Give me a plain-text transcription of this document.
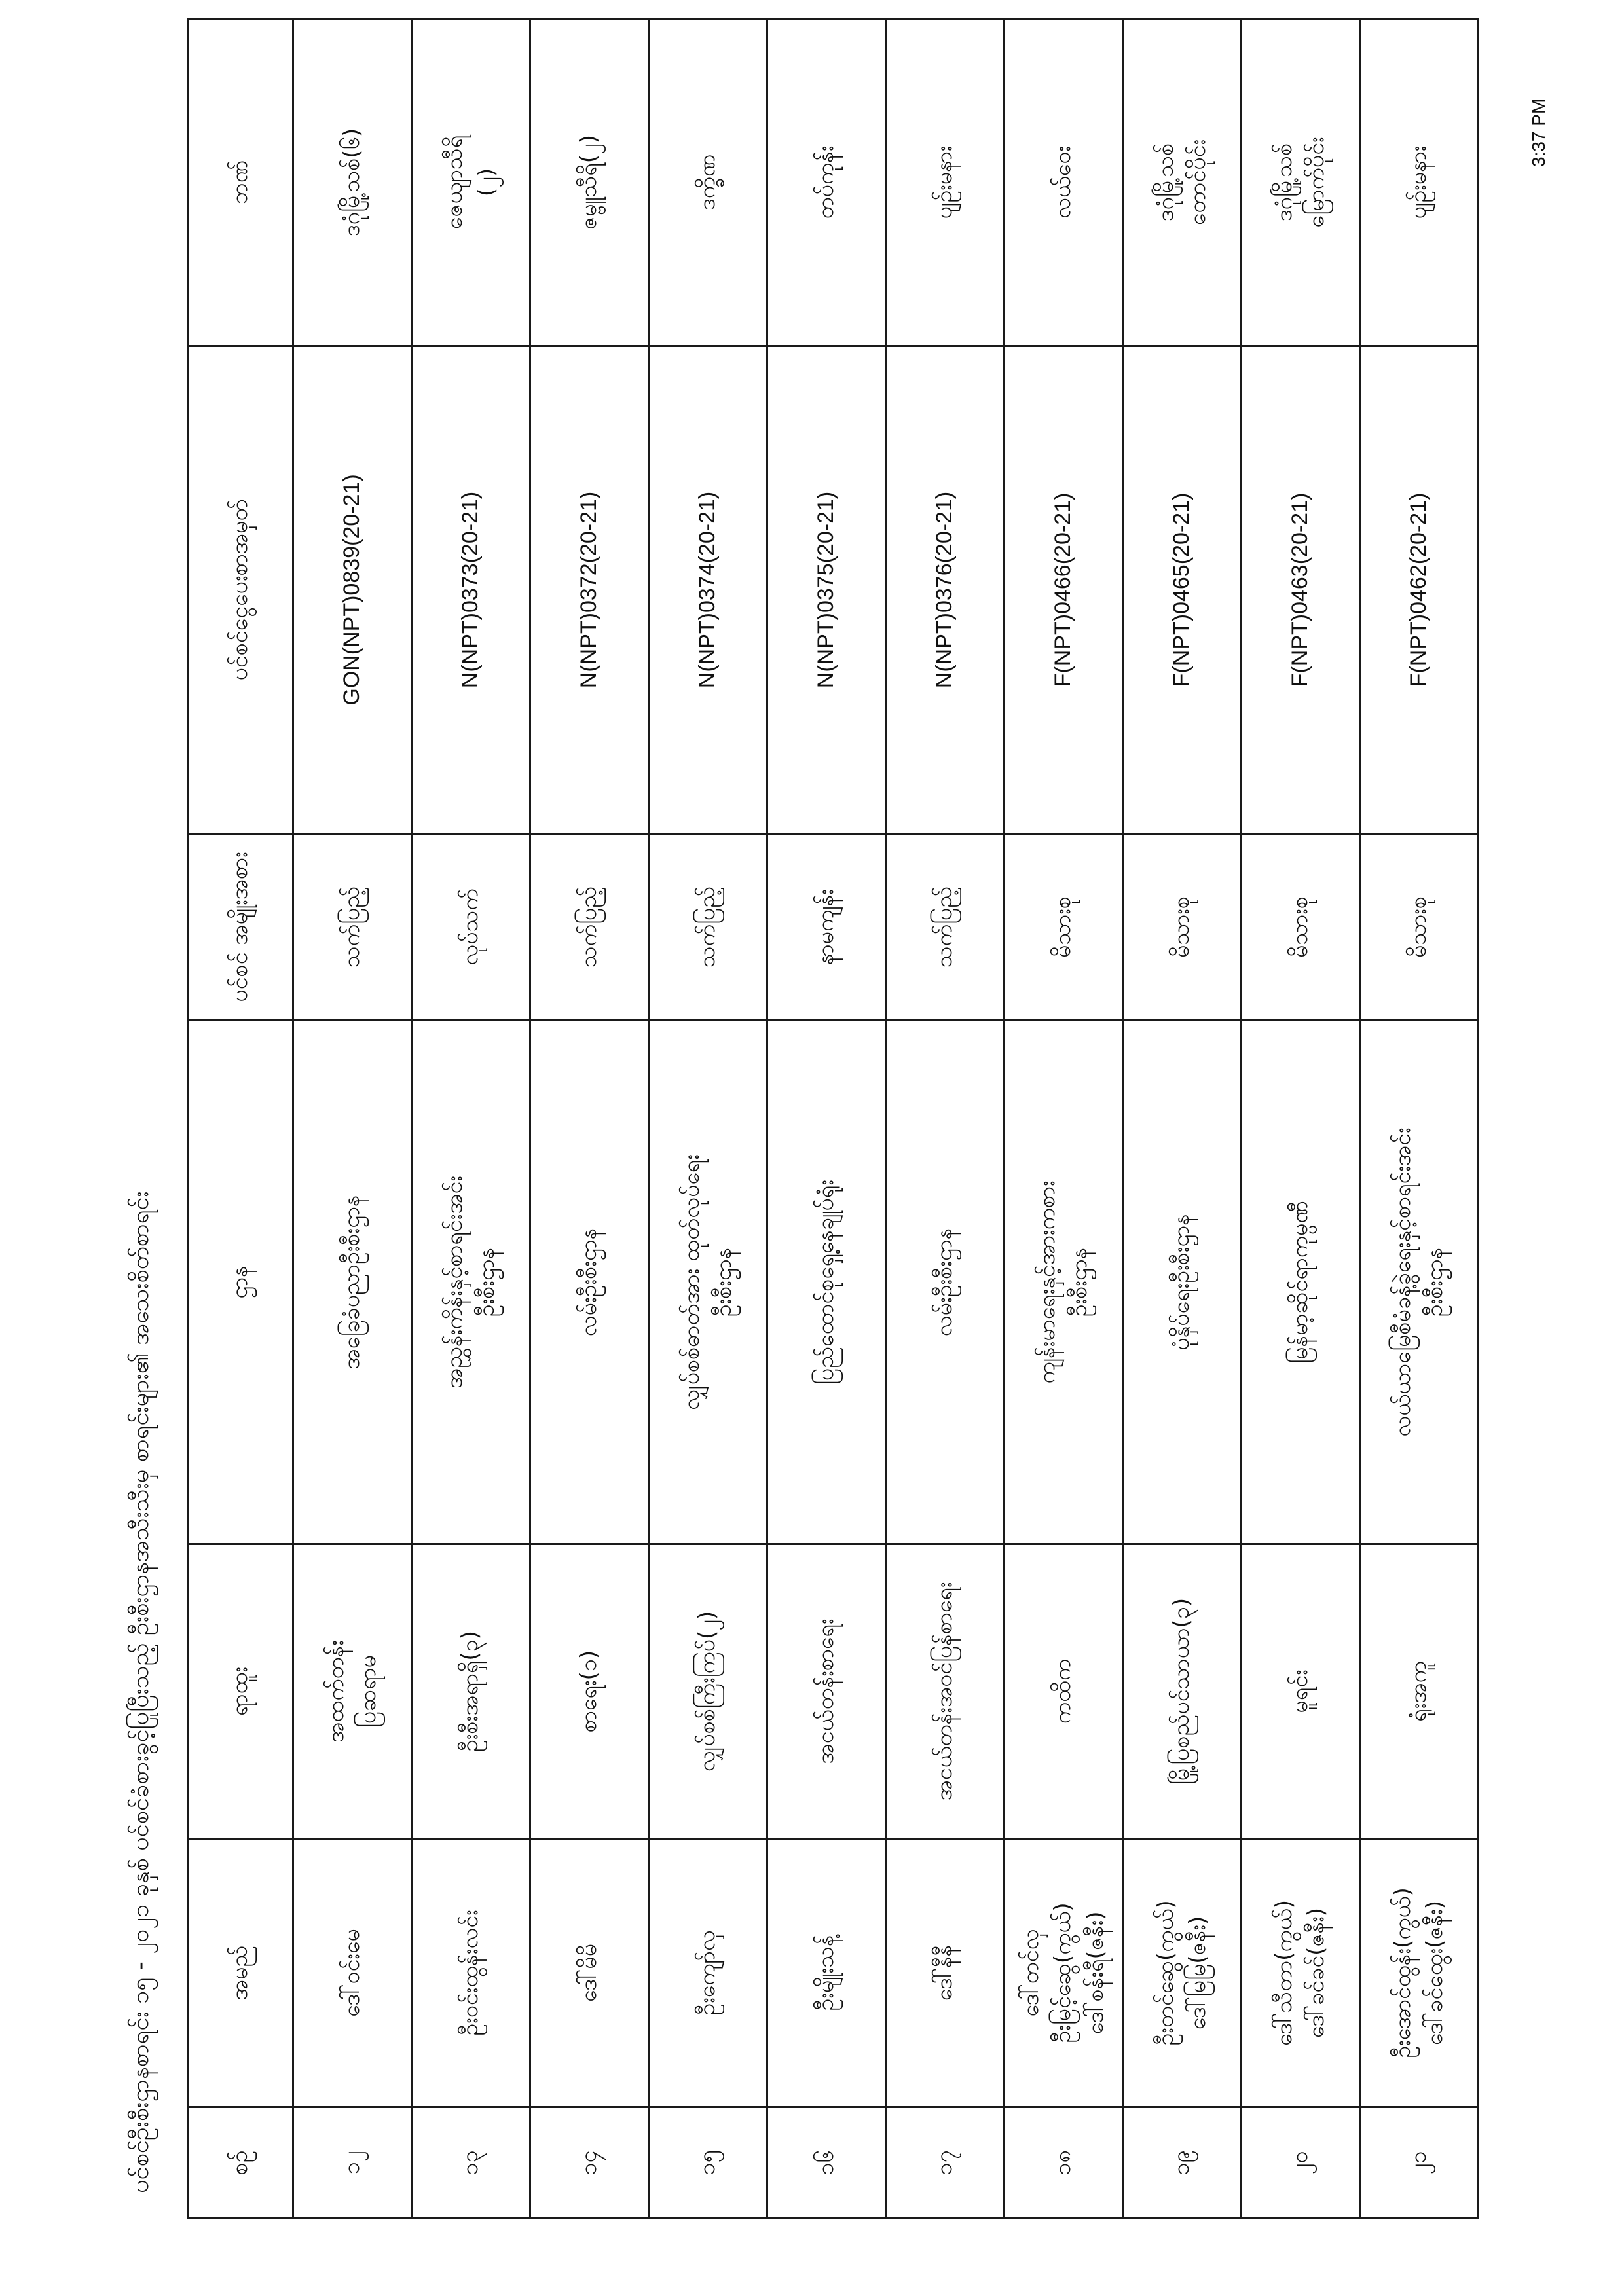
ပင်စင်ဦးစီးဌာနစာရင်း ၁၅ - ၂၀၂၁ ခုနှစ် ပင်စင်ခံစားခွင့်ပြုပြီးသည့် ဦးစီးဌာနအသီးသီးမှ စာရင်းများ၏ အသေးစိတ်စာရင်း	စဉ်	အမည်	ရာထူး	ဌာန	ပင်စင် အမျိုးအစား	ပင်စင်ငွေပေးစာအမှတ်	ဘဏ်
၁၂	ဒေါ်ဝင်းမေ	အထက်တန်း ပြဆရာမ	အခြေခံပညာဦးစီးဌာန	သက်ပြည့်	GON(NPT)0839(20-21)	ဒဂုံမြို့သစ်(၆)

၁၃	ဦးဝင်းထွန်းလင်း	ဦးစီးအရာရှိ(၃)	အညွှန်းကိန်းနှင့်စာရင်းအင်း ဦးစီးဌာန	လုပ်သက်	N(NPT)0373(20-21)	ဇေယျာသီရိ (၂)

၁၄	ဒေါ်မိမိ	စာရေး(၁)	လမ်းဦးစီးဌာန	သက်ပြည့်	N(NPT)0372(20-21)	ဇမ္ဗူသီရိ(၂)

၁၅	ဦးကျော်လှ	လျှပ်စစ်ကြီးကြပ်(၂)	လျှပ်စစ်ဓာတ်အား ထုတ်လုပ်ရေး ဦးစီးဌာန	သက်ပြည့်	N(NPT)0374(20-21)	ဒက္ခိဏ

၁၆	ဦးမျိုးသန့်	အငယ်တန်းစာရေး	ပြည်ထောင်စုရှေ့နေချုပ်ရုံး	နာမကျန်း	N(NPT)0375(20-21)	တပ်ကုန်း

၁၇	ဒေါ်နီနီ	အငယ်တန်းအဝင်ပြန်စာရေး	လမ်းဦးစီးဌာန	သက်ပြည့်	N(NPT)0376(20-21)	ပျဉ်းမနား

၁၈	ဒေါ်တင်လှ ဦးမြင့်ဆွေ(ကွယ်) ဒေါ်စန်းရီ(ဇနီး)	ကထိက	ကျန်းမာရေးနှင့်အားကစား ဦးစီးဌာန	မိသားစု	F(NPT)0466(20-21)	လယ်ဝေး

၁၉	ဦးတင်ဆွေ(ကွယ်) ဒေါ်မြမြ(ဇနီး)	မြို့ပြစည်ပင်သာယာ(၃)	ပုံနှိပ်ရေးဦးစီးဌာန	မိသားစု	F(NPT)0465(20-21)	ဒဂုံမြို့သစ် တောင်ပိုင်း

၂၀	ဒေါ်သီတာ(ကွယ်) ဒေါ်ခင်ခင်(ဇနီး)	မူရင်း	မြန်မာ့ဆိုင်ရာကုမ္ပဏီ	မိသားစု	F(NPT)0463(20-21)	ဒဂုံမြို့သစ် မြောက်ပိုင်း

၂၁	ဦးအောင်ထွန်း(ကွယ်) ဒေါ်ခင်ထွေး(ဇနီး)	ရုံးအကူ	လယ်ယာမြေစီမံခန့်ခွဲရေးနှင့်စာရင်းအင်း ဦးစီးဌာန	မိသားစု	F(NPT)0462(20-21)	ပျဉ်းမနား
3:37 PM
